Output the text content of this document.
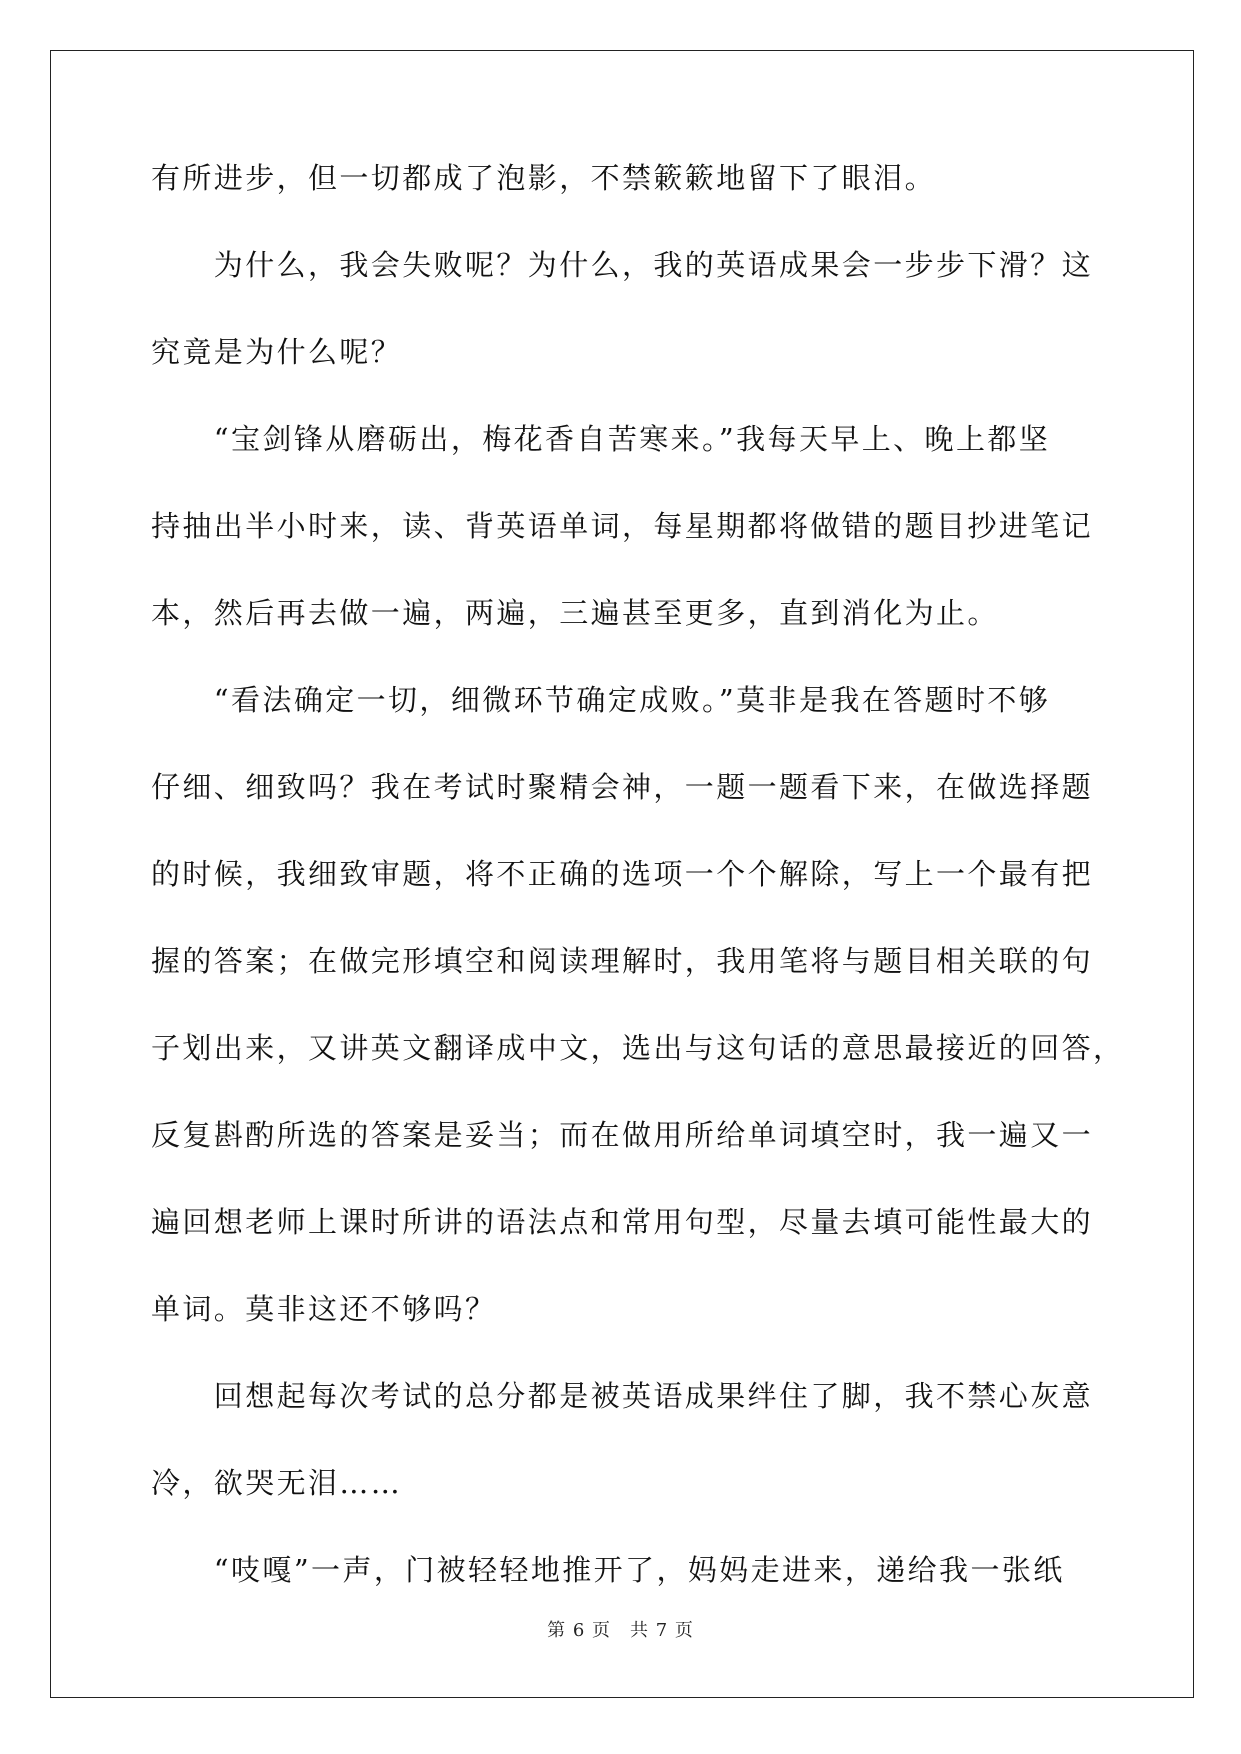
有所进步，但一切都成了泡影，不禁簌簌地留下了眼泪。
　　为什么，我会失败呢？为什么，我的英语成果会一步步下滑？这
究竟是为什么呢？
　　“宝剑锋从磨砺出，梅花香自苦寒来。”我每天早上、晚上都坚
持抽出半小时来，读、背英语单词，每星期都将做错的题目抄进笔记
本，然后再去做一遍，两遍，三遍甚至更多，直到消化为止。
　　“看法确定一切，细微环节确定成败。”莫非是我在答题时不够
仔细、细致吗？我在考试时聚精会神，一题一题看下来，在做选择题
的时候，我细致审题，将不正确的选项一个个解除，写上一个最有把
握的答案；在做完形填空和阅读理解时，我用笔将与题目相关联的句
子划出来，又讲英文翻译成中文，选出与这句话的意思最接近的回答，
反复斟酌所选的答案是妥当；而在做用所给单词填空时，我一遍又一
遍回想老师上课时所讲的语法点和常用句型，尽量去填可能性最大的
单词。莫非这还不够吗？
　　回想起每次考试的总分都是被英语成果绊住了脚，我不禁心灰意
冷，欲哭无泪……
　　“吱嘎”一声，门被轻轻地推开了，妈妈走进来，递给我一张纸
第 6 页　共 7 页
